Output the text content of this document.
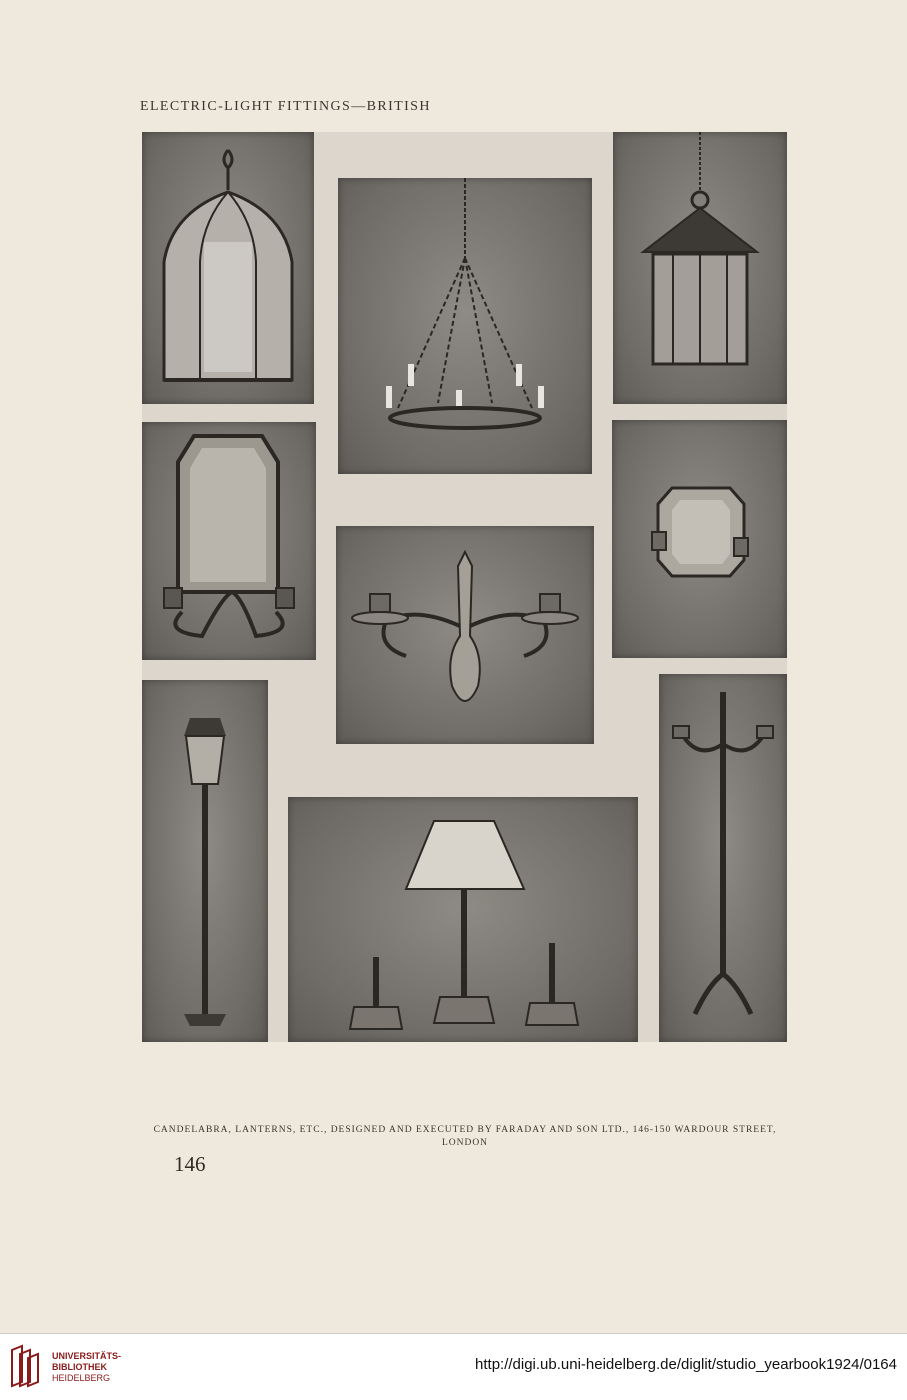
ELECTRIC-LIGHT FITTINGS—BRITISH
CANDELABRA, LANTERNS, ETC., DESIGNED AND EXECUTED BY FARADAY AND SON LTD., 146-150 WARDOUR STREET,
LONDON
146
UNIVERSITÄTS-
BIBLIOTHEK
HEIDELBERG
http://digi.ub.uni-heidelberg.de/diglit/studio_yearbook1924/0164
